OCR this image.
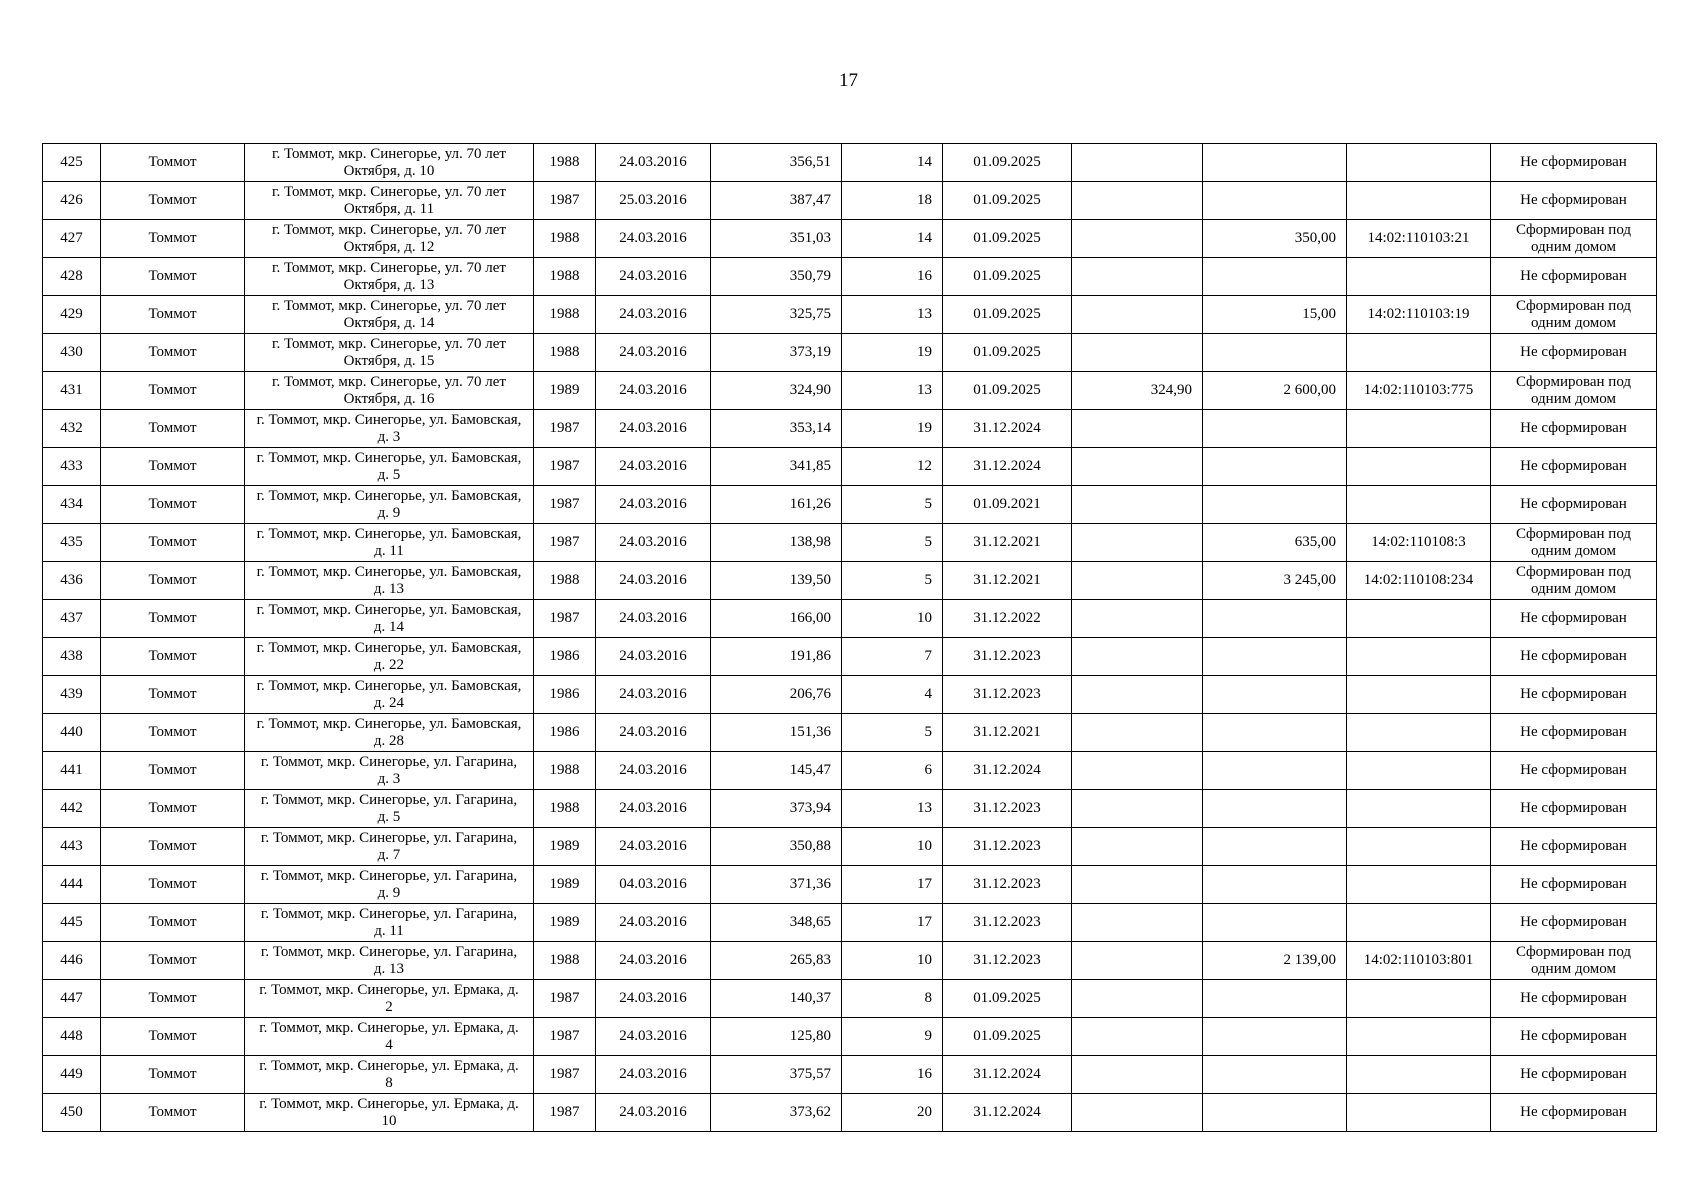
17
425	Томмот	г. Томмот, мкр. Синегорье, ул. 70 лет Октября, д. 10	1988	24.03.2016	356,51	14	01.09.2025				Не сформирован
426	Томмот	г. Томмот, мкр. Синегорье, ул. 70 лет Октября, д. 11	1987	25.03.2016	387,47	18	01.09.2025				Не сформирован
427	Томмот	г. Томмот, мкр. Синегорье, ул. 70 лет Октября, д. 12	1988	24.03.2016	351,03	14	01.09.2025		350,00	14:02:110103:21	Сформирован под одним домом
428	Томмот	г. Томмот, мкр. Синегорье, ул. 70 лет Октября, д. 13	1988	24.03.2016	350,79	16	01.09.2025				Не сформирован
429	Томмот	г. Томмот, мкр. Синегорье, ул. 70 лет Октября, д. 14	1988	24.03.2016	325,75	13	01.09.2025		15,00	14:02:110103:19	Сформирован под одним домом
430	Томмот	г. Томмот, мкр. Синегорье, ул. 70 лет Октября, д. 15	1988	24.03.2016	373,19	19	01.09.2025				Не сформирован
431	Томмот	г. Томмот, мкр. Синегорье, ул. 70 лет Октября, д. 16	1989	24.03.2016	324,90	13	01.09.2025	324,90	2 600,00	14:02:110103:775	Сформирован под одним домом
432	Томмот	г. Томмот, мкр. Синегорье, ул. Бамовская, д. 3	1987	24.03.2016	353,14	19	31.12.2024				Не сформирован
433	Томмот	г. Томмот, мкр. Синегорье, ул. Бамовская, д. 5	1987	24.03.2016	341,85	12	31.12.2024				Не сформирован
434	Томмот	г. Томмот, мкр. Синегорье, ул. Бамовская, д. 9	1987	24.03.2016	161,26	5	01.09.2021				Не сформирован
435	Томмот	г. Томмот, мкр. Синегорье, ул. Бамовская, д. 11	1987	24.03.2016	138,98	5	31.12.2021		635,00	14:02:110108:3	Сформирован под одним домом
436	Томмот	г. Томмот, мкр. Синегорье, ул. Бамовская, д. 13	1988	24.03.2016	139,50	5	31.12.2021		3 245,00	14:02:110108:234	Сформирован под одним домом
437	Томмот	г. Томмот, мкр. Синегорье, ул. Бамовская, д. 14	1987	24.03.2016	166,00	10	31.12.2022				Не сформирован
438	Томмот	г. Томмот, мкр. Синегорье, ул. Бамовская, д. 22	1986	24.03.2016	191,86	7	31.12.2023				Не сформирован
439	Томмот	г. Томмот, мкр. Синегорье, ул. Бамовская, д. 24	1986	24.03.2016	206,76	4	31.12.2023				Не сформирован
440	Томмот	г. Томмот, мкр. Синегорье, ул. Бамовская, д. 28	1986	24.03.2016	151,36	5	31.12.2021				Не сформирован
441	Томмот	г. Томмот, мкр. Синегорье, ул. Гагарина, д. 3	1988	24.03.2016	145,47	6	31.12.2024				Не сформирован
442	Томмот	г. Томмот, мкр. Синегорье, ул. Гагарина, д. 5	1988	24.03.2016	373,94	13	31.12.2023				Не сформирован
443	Томмот	г. Томмот, мкр. Синегорье, ул. Гагарина, д. 7	1989	24.03.2016	350,88	10	31.12.2023				Не сформирован
444	Томмот	г. Томмот, мкр. Синегорье, ул. Гагарина, д. 9	1989	04.03.2016	371,36	17	31.12.2023				Не сформирован
445	Томмот	г. Томмот, мкр. Синегорье, ул. Гагарина, д. 11	1989	24.03.2016	348,65	17	31.12.2023				Не сформирован
446	Томмот	г. Томмот, мкр. Синегорье, ул. Гагарина, д. 13	1988	24.03.2016	265,83	10	31.12.2023		2 139,00	14:02:110103:801	Сформирован под одним домом
447	Томмот	г. Томмот, мкр. Синегорье, ул. Ермака, д. 2	1987	24.03.2016	140,37	8	01.09.2025				Не сформирован
448	Томмот	г. Томмот, мкр. Синегорье, ул. Ермака, д. 4	1987	24.03.2016	125,80	9	01.09.2025				Не сформирован
449	Томмот	г. Томмот, мкр. Синегорье, ул. Ермака, д. 8	1987	24.03.2016	375,57	16	31.12.2024				Не сформирован
450	Томмот	г. Томмот, мкр. Синегорье, ул. Ермака, д. 10	1987	24.03.2016	373,62	20	31.12.2024				Не сформирован
